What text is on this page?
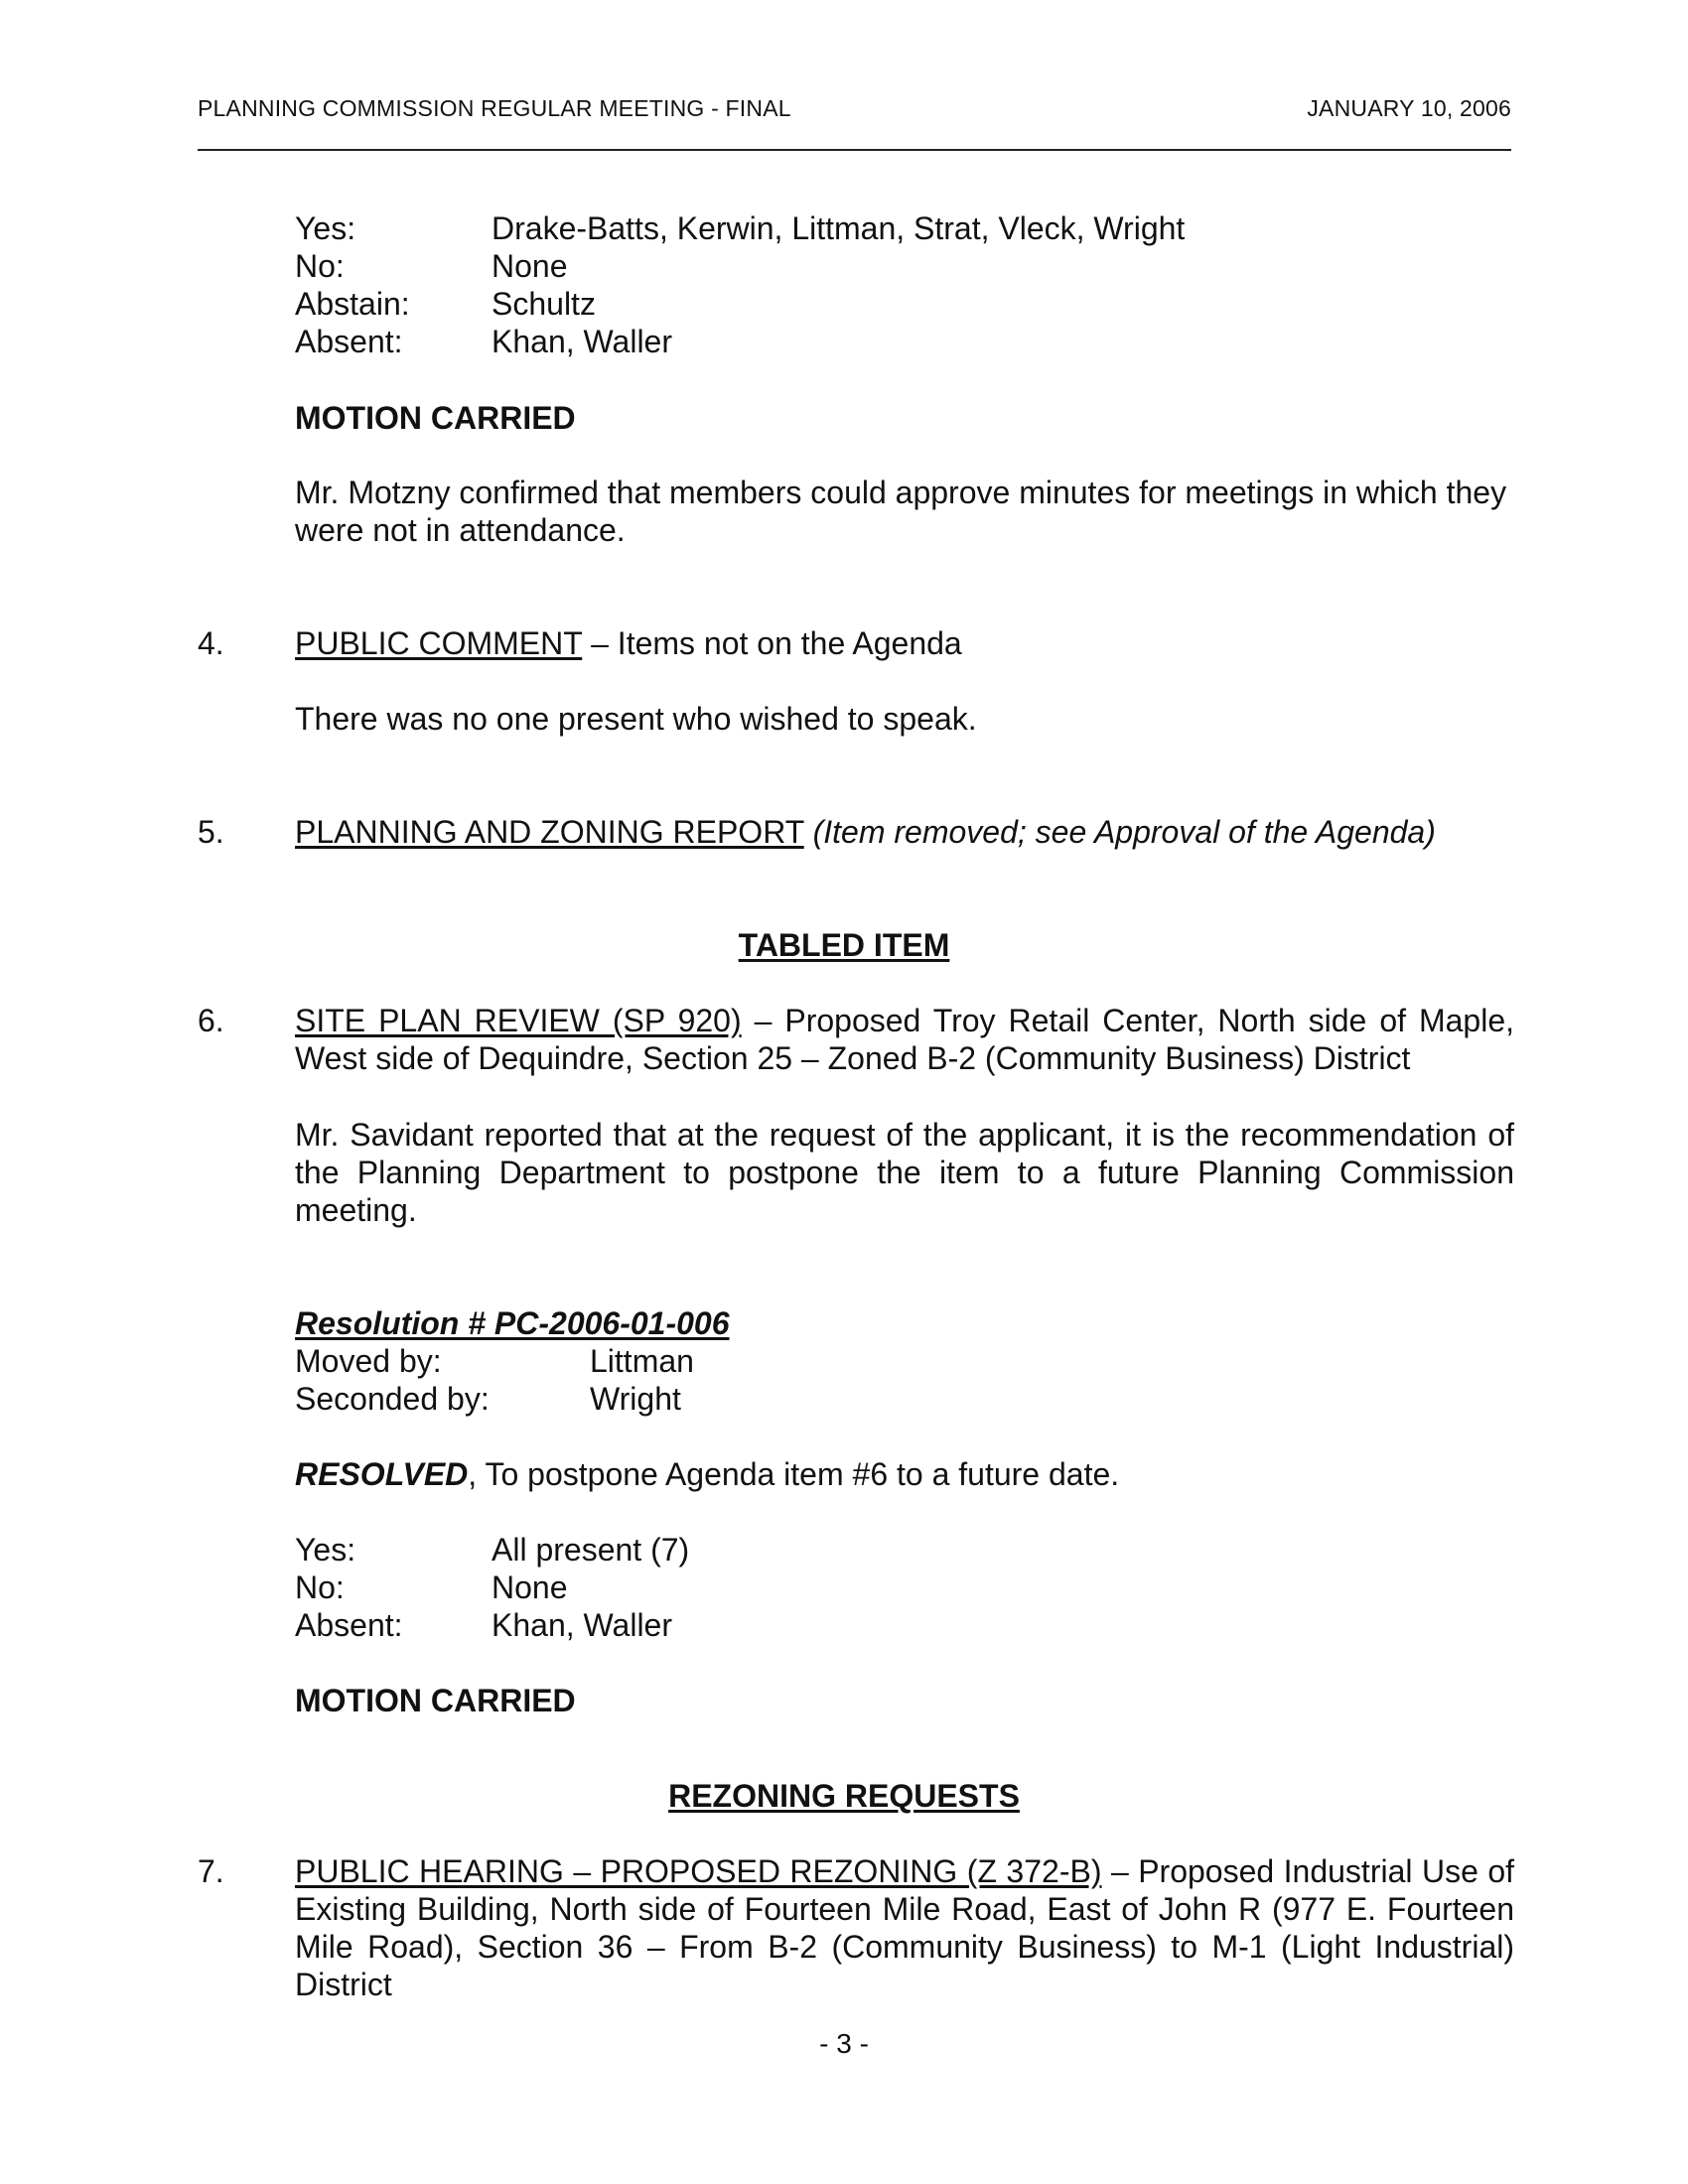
PLANNING COMMISSION REGULAR MEETING - FINAL	JANUARY 10, 2006
Yes:	Drake-Batts, Kerwin, Littman, Strat, Vleck, Wright
No:	None
Abstain:	Schultz
Absent:	Khan, Waller
MOTION CARRIED
Mr. Motzny confirmed that members could approve minutes for meetings in which they were not in attendance.
4. PUBLIC COMMENT – Items not on the Agenda
There was no one present who wished to speak.
5. PLANNING AND ZONING REPORT (Item removed; see Approval of the Agenda)
TABLED ITEM
6. SITE PLAN REVIEW (SP 920) – Proposed Troy Retail Center, North side of Maple, West side of Dequindre, Section 25 – Zoned B-2 (Community Business) District
Mr. Savidant reported that at the request of the applicant, it is the recommendation of the Planning Department to postpone the item to a future Planning Commission meeting.
Resolution # PC-2006-01-006
Moved by:	Littman
Seconded by:	Wright
RESOLVED, To postpone Agenda item #6 to a future date.
Yes:	All present (7)
No:	None
Absent:	Khan, Waller
MOTION CARRIED
REZONING REQUESTS
7. PUBLIC HEARING – PROPOSED REZONING (Z 372-B) – Proposed Industrial Use of Existing Building, North side of Fourteen Mile Road, East of John R (977 E. Fourteen Mile Road), Section 36 – From B-2 (Community Business) to M-1 (Light Industrial) District
- 3 -
